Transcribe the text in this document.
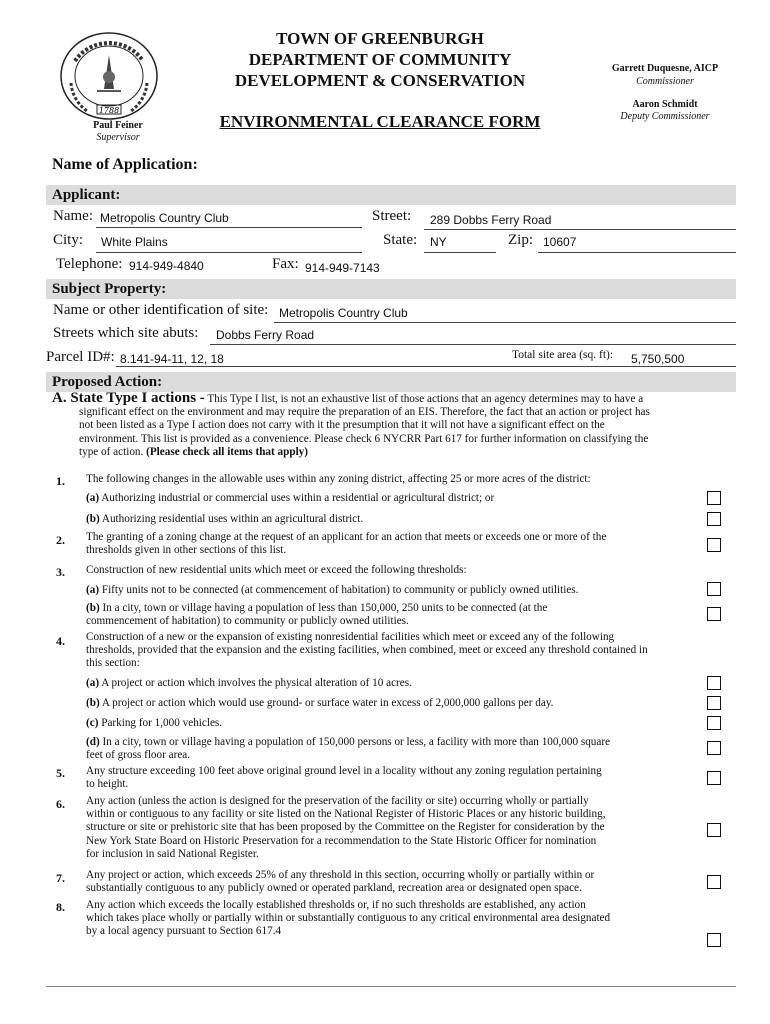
1788
Paul Feiner
Supervisor
TOWN OF GREENBURGH
DEPARTMENT OF COMMUNITY
DEVELOPMENT & CONSERVATION
ENVIRONMENTAL CLEARANCE FORM
Garrett Duquesne, AICP
Commissioner
Aaron Schmidt
Deputy Commissioner
Name of Application:
Applicant:
Name: Metropolis Country Club	Street: 289 Dobbs Ferry Road
City: White Plains	State: NY	Zip: 10607
Telephone: 914-949-4840	Fax: 914-949-7143
Subject Property:
Name or other identification of site: Metropolis Country Club
Streets which site abuts: Dobbs Ferry Road
Parcel ID#: 8.141-94-11, 12, 18	Total site area (sq. ft): 5,750,500
Proposed Action:
A. State Type I actions - This Type I list, is not an exhaustive list of those actions that an agency determines may to have a
significant effect on the environment and may require the preparation of an EIS. Therefore, the fact that an action or project has
not been listed as a Type I action does not carry with it the presumption that it will not have a significant effect on the
environment. This list is provided as a convenience. Please check 6 NYCRR Part 617 for further information on classifying the
type of action. (Please check all items that apply)
1. The following changes in the allowable uses within any zoning district, affecting 25 or more acres of the district:
(a) Authorizing industrial or commercial uses within a residential or agricultural district; or
(b) Authorizing residential uses within an agricultural district.
2. The granting of a zoning change at the request of an applicant for an action that meets or exceeds one or more of the
thresholds given in other sections of this list.
3. Construction of new residential units which meet or exceed the following thresholds:
(a) Fifty units not to be connected (at commencement of habitation) to community or publicly owned utilities.
(b) In a city, town or village having a population of less than 150,000, 250 units to be connected (at the
commencement of habitation) to community or publicly owned utilities.
4. Construction of a new or the expansion of existing nonresidential facilities which meet or exceed any of the following
thresholds, provided that the expansion and the existing facilities, when combined, meet or exceed any threshold contained in
this section:
(a) A project or action which involves the physical alteration of 10 acres.
(b) A project or action which would use ground- or surface water in excess of 2,000,000 gallons per day.
(c) Parking for 1,000 vehicles.
(d) In a city, town or village having a population of 150,000 persons or less, a facility with more than 100,000 square
feet of gross floor area.
5. Any structure exceeding 100 feet above original ground level in a locality without any zoning regulation pertaining
to height.
6. Any action (unless the action is designed for the preservation of the facility or site) occurring wholly or partially
within or contiguous to any facility or site listed on the National Register of Historic Places or any historic building,
structure or site or prehistoric site that has been proposed by the Committee on the Register for consideration by the
New York State Board on Historic Preservation for a recommendation to the State Historic Officer for nomination
for inclusion in said National Register.
7. Any project or action, which exceeds 25% of any threshold in this section, occurring wholly or partially within or
substantially contiguous to any publicly owned or operated parkland, recreation area or designated open space.
8. Any action which exceeds the locally established thresholds or, if no such thresholds are established, any action
which takes place wholly or partially within or substantially contiguous to any critical environmental area designated
by a local agency pursuant to Section 617.4
